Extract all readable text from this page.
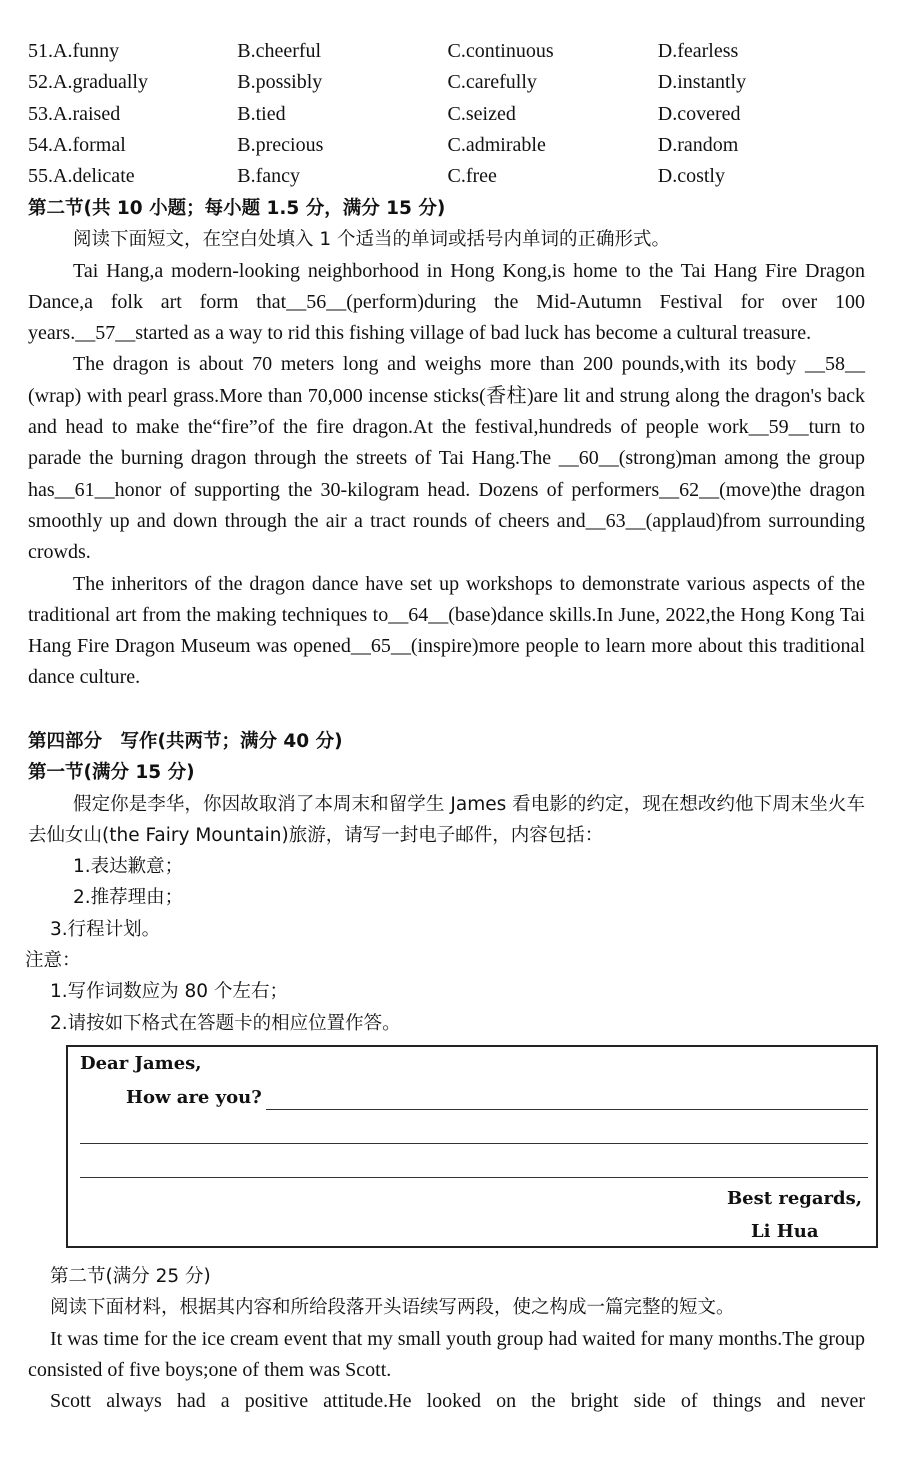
51.A.funny	B.cheerful	C.continuous	D.fearless
52.A.gradually	B.possibly	C.carefully	D.instantly
53.A.raised	B.tied	C.seized	D.covered
54.A.formal	B.precious	C.admirable	D.random
55.A.delicate	B.fancy	C.free	D.costly
第二节(共 10 小题；每小题 1.5 分，满分 15 分)
阅读下面短文，在空白处填入 1 个适当的单词或括号内单词的正确形式。

Tai Hang,a modern-looking neighborhood in Hong Kong,is home to the Tai Hang Fire Dragon Dance,a folk art form that__56__(perform)during the Mid-Autumn Festival for over 100 years.__57__started as a way to rid this fishing village of bad luck has become a cultural treasure.

The dragon is about 70 meters long and weighs more than 200 pounds,with its body __58__ (wrap) with pearl grass.More than 70,000 incense sticks(香柱)are lit and strung along the dragon's back and head to make the“fire”of the fire dragon.At the festival,hundreds of people work__59__turn to parade the burning dragon through the streets of Tai Hang.The __60__(strong)man among the group has__61__honor of supporting the 30-kilogram head. Dozens of performers__62__(move)the dragon smoothly up and down through the air a tract rounds of cheers and__63__(applaud)from surrounding crowds.

The inheritors of the dragon dance have set up workshops to demonstrate various aspects of the traditional art from the making techniques to__64__(base)dance skills.In June, 2022,the Hong Kong Tai Hang Fire Dragon Museum was opened__65__(inspire)more people to learn more about this traditional dance culture.

第四部分　写作(共两节；满分 40 分)
第一节(满分 15 分)

假定你是李华，你因故取消了本周末和留学生 James 看电影的约定，现在想改约他下周末坐火车去仙女山(the Fairy Mountain)旅游，请写一封电子邮件，内容包括：

1.表达歉意；
2.推荐理由；
3.行程计划。
注意：
1.写作词数应为 80 个左右；
2.请按如下格式在答题卡的相应位置作答。
Dear James,
How are you?
Best regards,
Li Hua
第二节(满分 25 分)
阅读下面材料，根据其内容和所给段落开头语续写两段，使之构成一篇完整的短文。

It was time for the ice cream event that my small youth group had waited for many months.The group consisted of five boys;one of them was Scott.

Scott always had a positive attitude.He looked on the bright side of things and never
